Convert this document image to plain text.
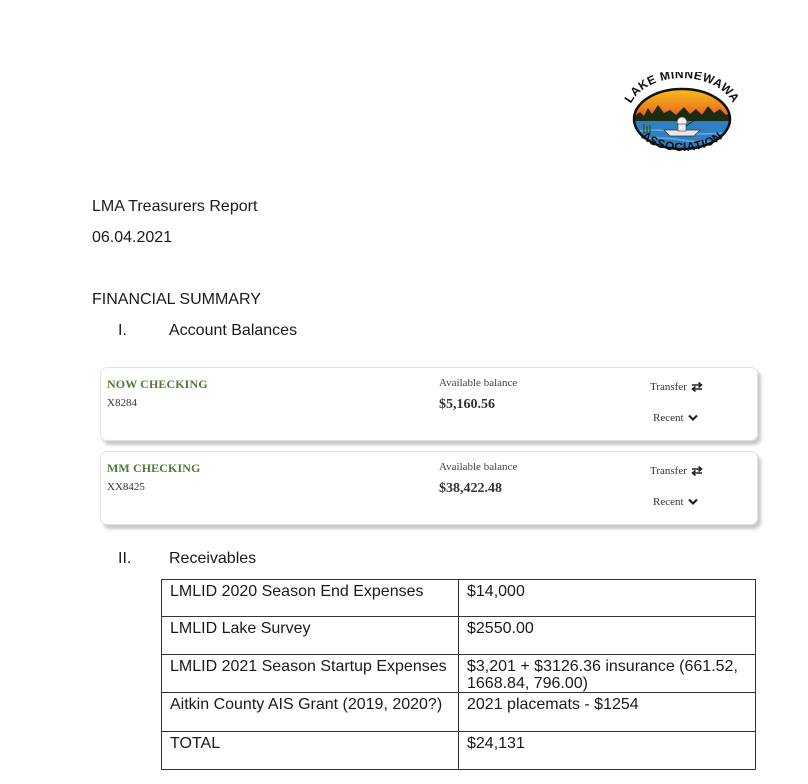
LAKE MINNEWAWA
ASSOCIATION
LMA Treasurers Report
06.04.2021
FINANCIAL SUMMARY
I.	Account Balances
NOW CHECKING
X8284
Available balance
$5,160.56
Transfer
Recent
MM CHECKING
XX8425
Available balance
$38,422.48
Transfer
Recent
II. Receivables
LMLID 2020 Season End Expenses	$14,000
LMLID Lake Survey	$2550.00
LMLID 2021 Season Startup Expenses	$3,201 + $3126.36 insurance (661.52, 1668.84, 796.00)
Aitkin County AIS Grant (2019, 2020?)	2021 placemats - $1254
TOTAL	$24,131
